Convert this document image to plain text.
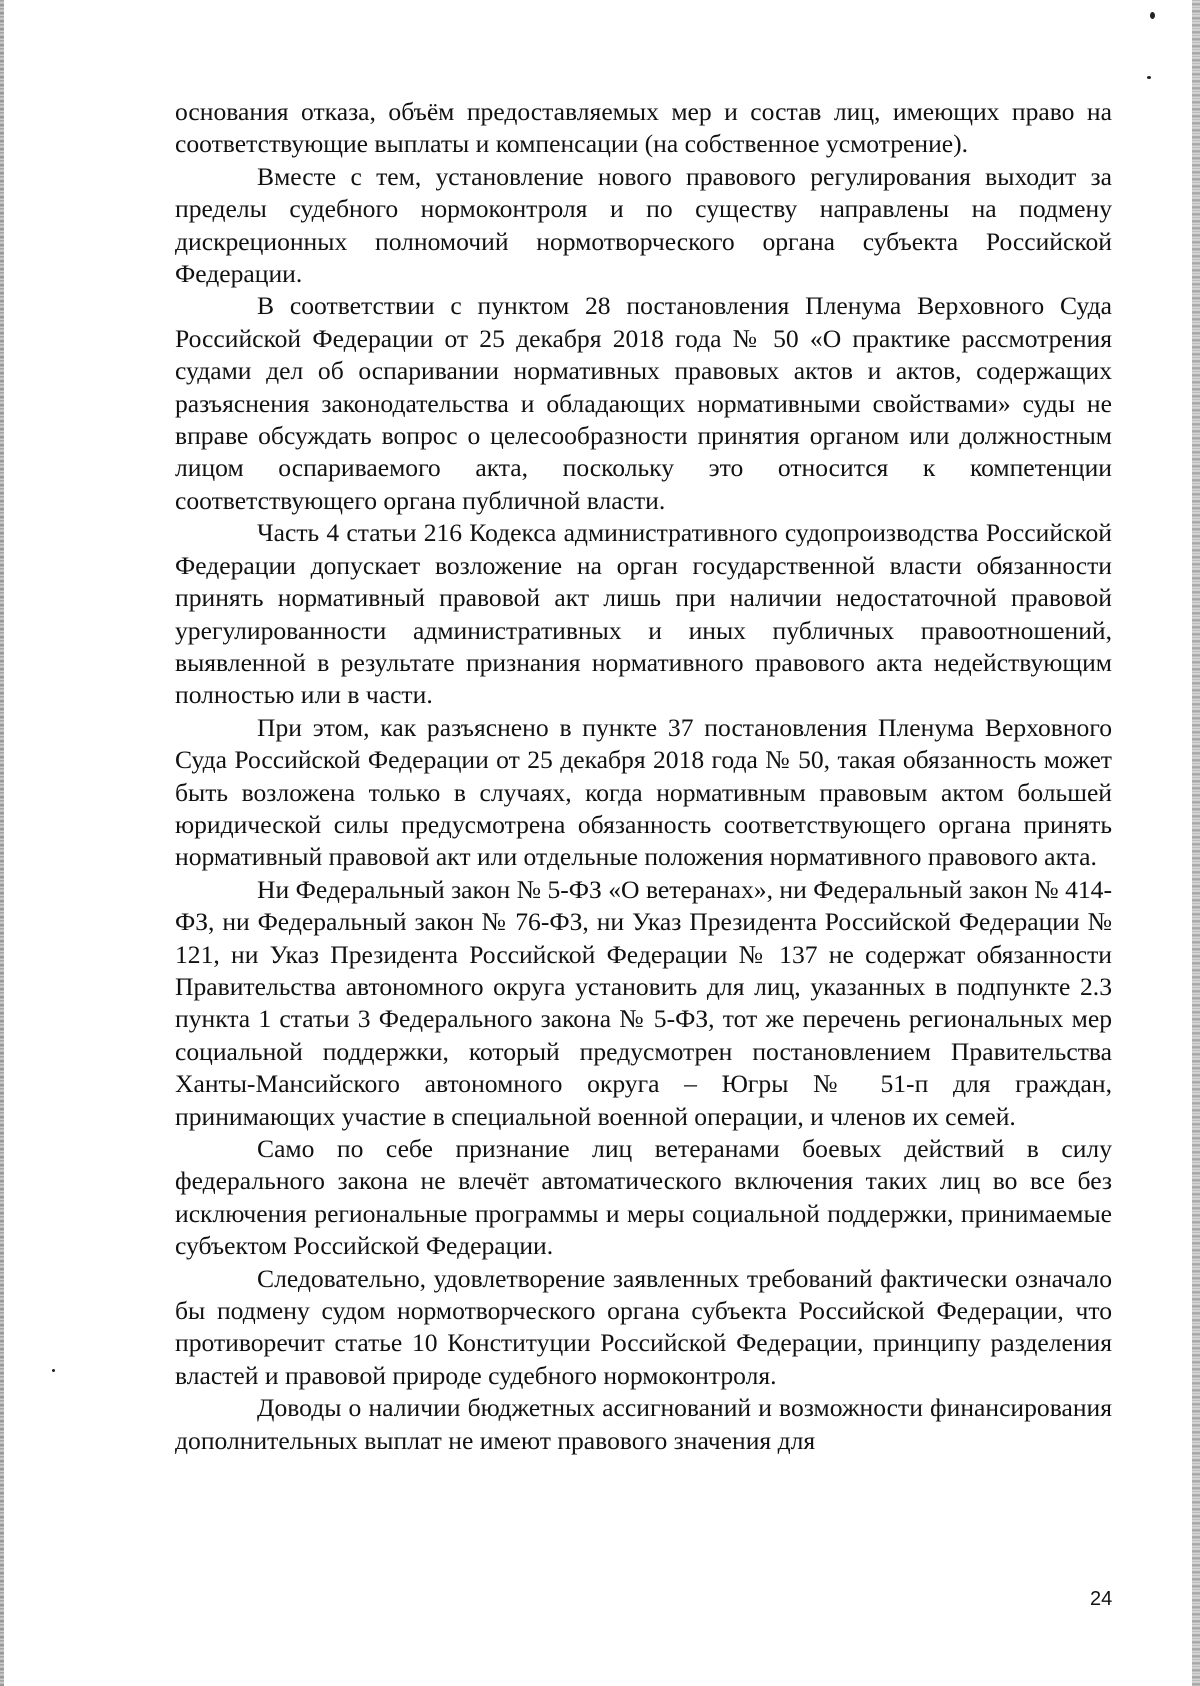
основания отказа, объём предоставляемых мер и состав лиц, имеющих право на соответствующие выплаты и компенсации (на собственное усмотрение).

Вместе с тем, установление нового правового регулирования выходит за пределы судебного нормоконтроля и по существу направлены на подмену дискреционных полномочий нормотворческого органа субъекта Российской Федерации.

В соответствии с пунктом 28 постановления Пленума Верховного Суда Российской Федерации от 25 декабря 2018 года № 50 «О практике рассмотрения судами дел об оспаривании нормативных правовых актов и актов, содержащих разъяснения законодательства и обладающих нормативными свойствами» суды не вправе обсуждать вопрос о целесообразности принятия органом или должностным лицом оспариваемого акта, поскольку это относится к компетенции соответствующего органа публичной власти.

Часть 4 статьи 216 Кодекса административного судопроизводства Российской Федерации допускает возложение на орган государственной власти обязанности принять нормативный правовой акт лишь при наличии недостаточной правовой урегулированности административных и иных публичных правоотношений, выявленной в результате признания нормативного правового акта недействующим полностью или в части.

При этом, как разъяснено в пункте 37 постановления Пленума Верховного Суда Российской Федерации от 25 декабря 2018 года № 50, такая обязанность может быть возложена только в случаях, когда нормативным правовым актом большей юридической силы предусмотрена обязанность соответствующего органа принять нормативный правовой акт или отдельные положения нормативного правового акта.

Ни Федеральный закон № 5-ФЗ «О ветеранах», ни Федеральный закон № 414-ФЗ, ни Федеральный закон № 76-ФЗ, ни Указ Президента Российской Федерации № 121, ни Указ Президента Российской Федерации № 137 не содержат обязанности Правительства автономного округа установить для лиц, указанных в подпункте 2.3 пункта 1 статьи 3 Федерального закона № 5-ФЗ, тот же перечень региональных мер социальной поддержки, который предусмотрен постановлением Правительства Ханты-Мансийского автономного округа – Югры № 51-п для граждан, принимающих участие в специальной военной операции, и членов их семей.

Само по себе признание лиц ветеранами боевых действий в силу федерального закона не влечёт автоматического включения таких лиц во все без исключения региональные программы и меры социальной поддержки, принимаемые субъектом Российской Федерации.

Следовательно, удовлетворение заявленных требований фактически означало бы подмену судом нормотворческого органа субъекта Российской Федерации, что противоречит статье 10 Конституции Российской Федерации, принципу разделения властей и правовой природе судебного нормоконтроля.

Доводы о наличии бюджетных ассигнований и возможности финансирования дополнительных выплат не имеют правового значения для

24
